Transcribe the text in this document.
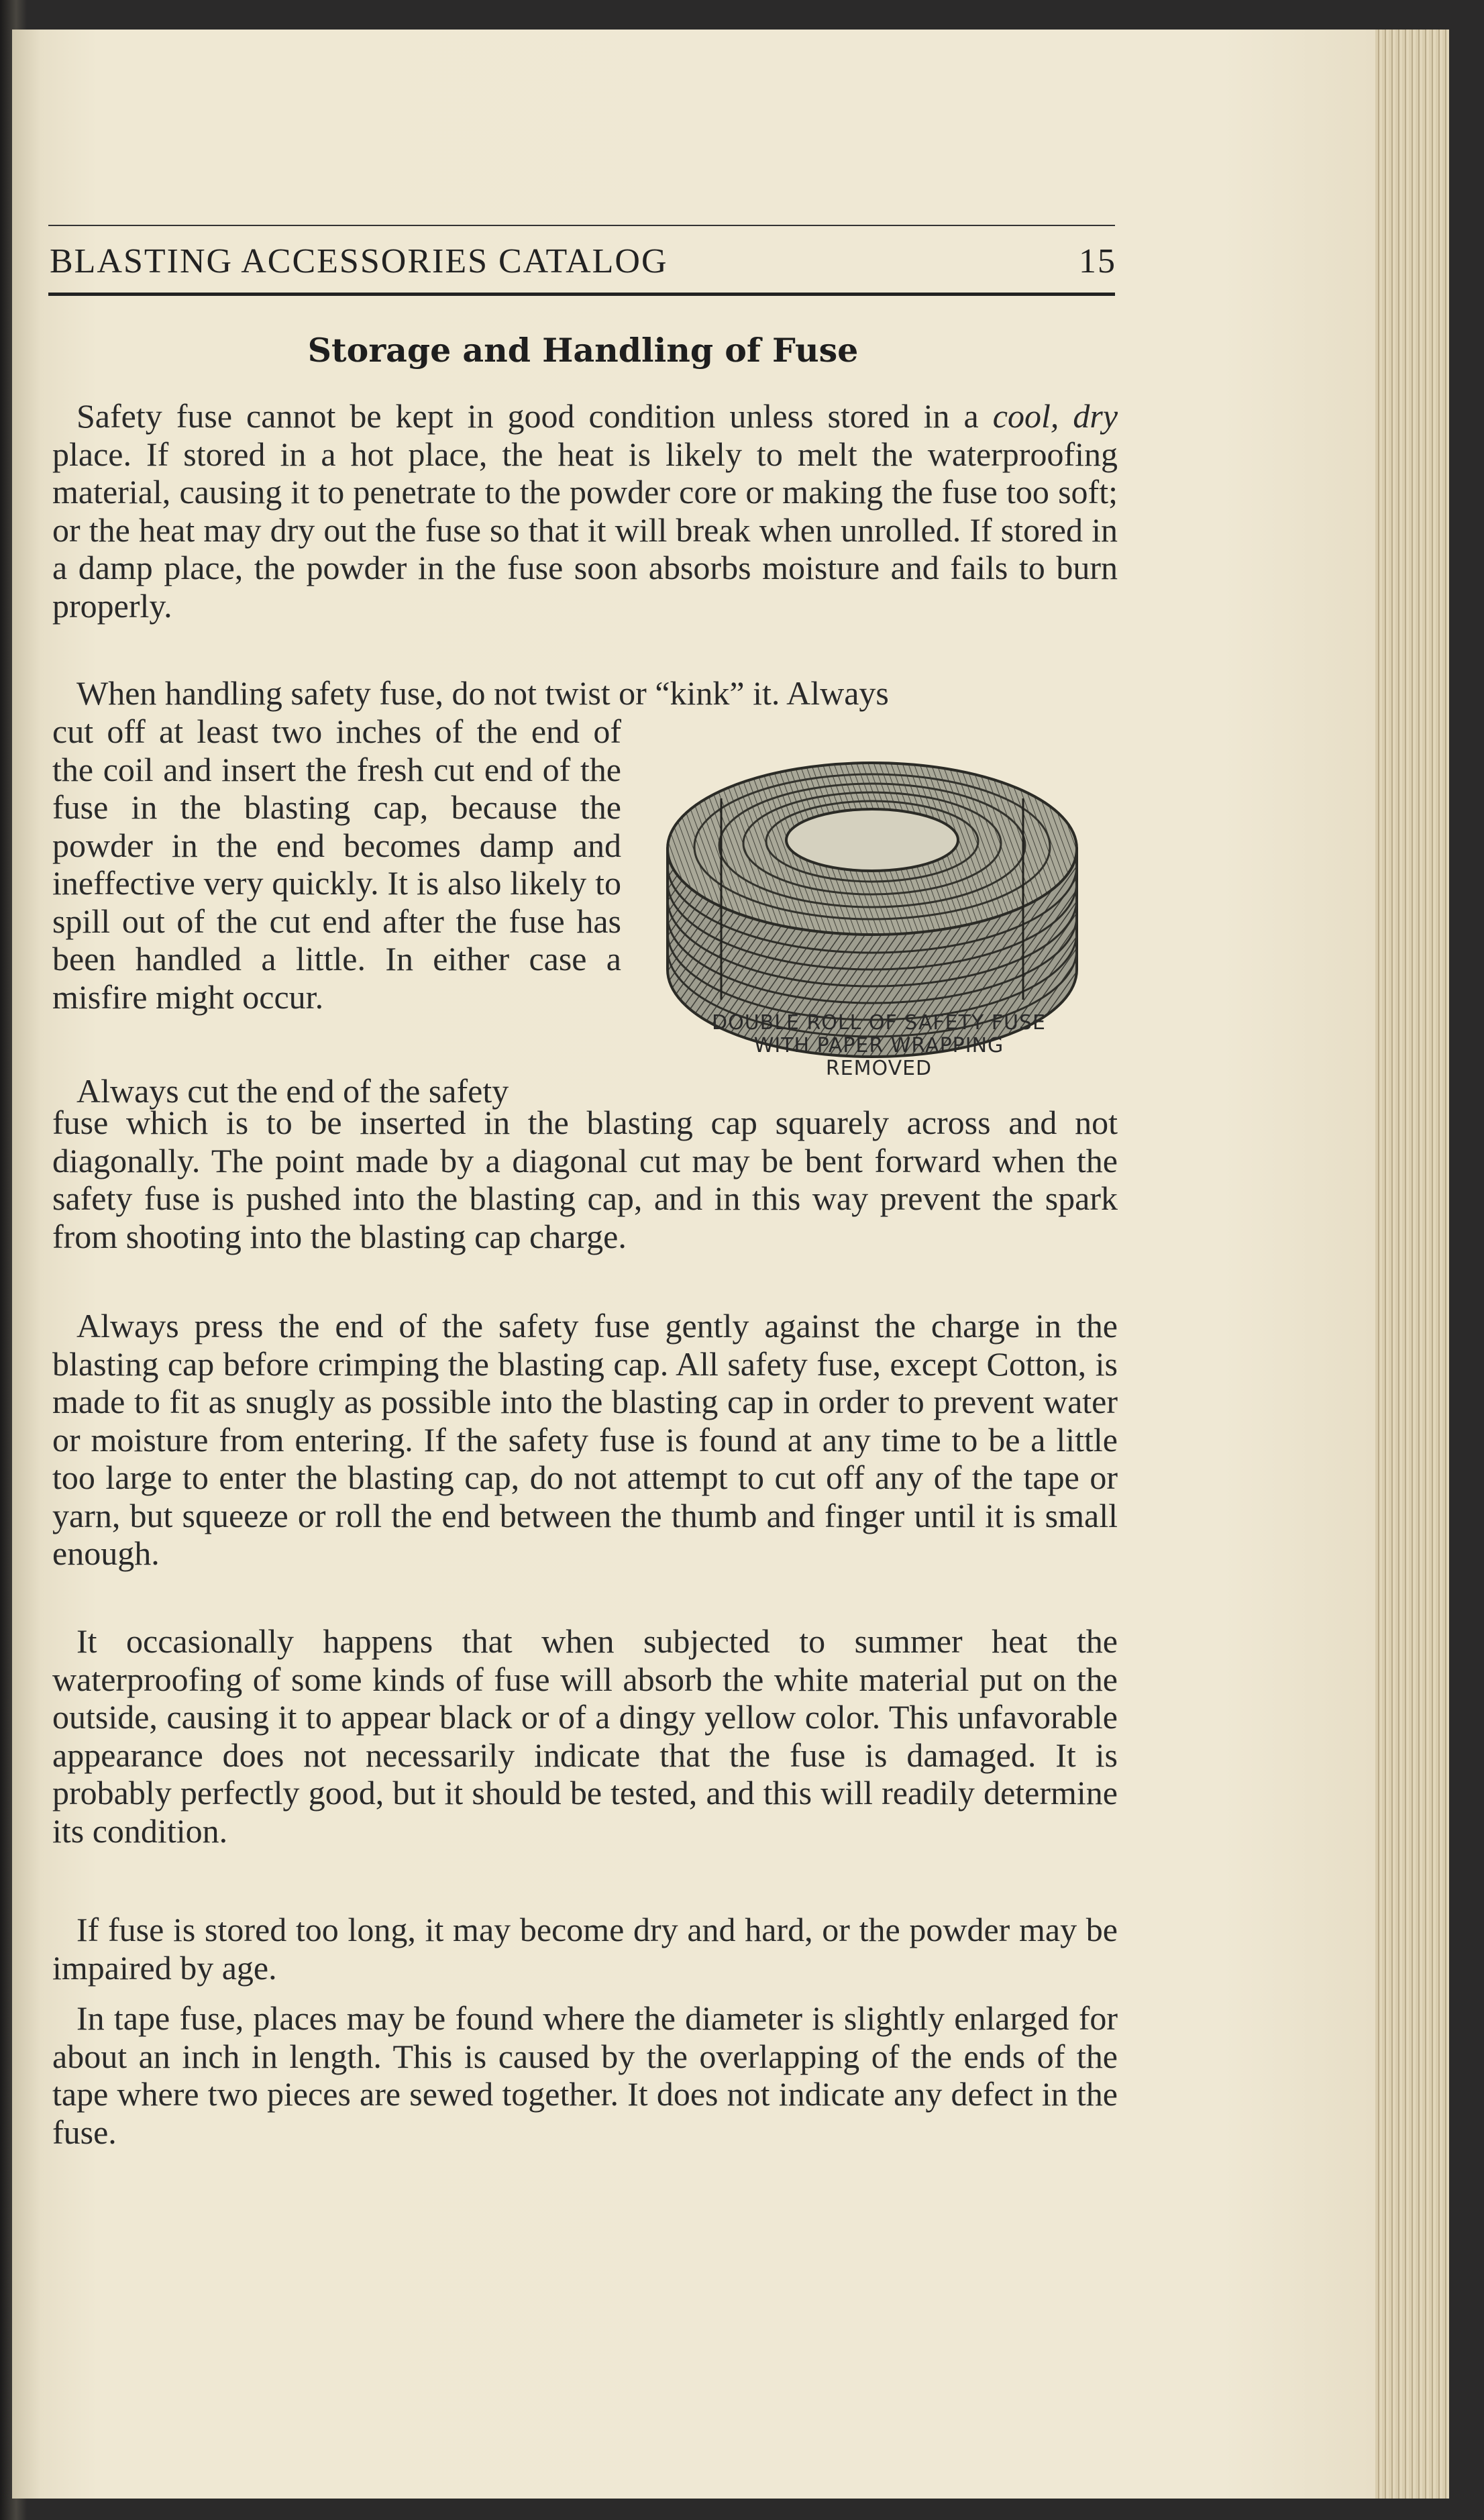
BLASTING ACCESSORIES CATALOG	15
Storage and Handling of Fuse

Safety fuse cannot be kept in good condition unless stored in a cool, dry place. If stored in a hot place, the heat is likely to melt the waterproofing material, causing it to penetrate to the powder core or making the fuse too soft; or the heat may dry out the fuse so that it will break when unrolled. If stored in a damp place, the powder in the fuse soon absorbs moisture and fails to burn properly.

When handling safety fuse, do not twist or “kink” it. Always

cut off at least two inches of the end of the coil and insert the fresh cut end of the fuse in the blasting cap, because the powder in the end becomes damp and ineffective very quickly. It is also likely to spill out of the cut end after the fuse has been handled a little. In either case a misfire might occur.

Always cut the end of the safety

fuse which is to be inserted in the blasting cap squarely across and not diagonally. The point made by a diagonal cut may be bent forward when the safety fuse is pushed into the blasting cap, and in this way prevent the spark from shooting into the blasting cap charge.

Always press the end of the safety fuse gently against the charge in the blasting cap before crimping the blasting cap. All safety fuse, except Cotton, is made to fit as snugly as possible into the blasting cap in order to prevent water or moisture from entering. If the safety fuse is found at any time to be a little too large to enter the blasting cap, do not attempt to cut off any of the tape or yarn, but squeeze or roll the end between the thumb and finger until it is small enough.

It occasionally happens that when subjected to summer heat the waterproofing of some kinds of fuse will absorb the white material put on the outside, causing it to appear black or of a dingy yellow color. This unfavorable appearance does not necessarily indicate that the fuse is damaged. It is probably perfectly good, but it should be tested, and this will readily determine its condition.

If fuse is stored too long, it may become dry and hard, or the powder may be impaired by age.

In tape fuse, places may be found where the diameter is slightly enlarged for about an inch in length. This is caused by the overlapping of the ends of the tape where two pieces are sewed together. It does not indicate any defect in the fuse.

DOUBLE ROLL OF SAFETY FUSE
WITH PAPER WRAPPING
REMOVED
